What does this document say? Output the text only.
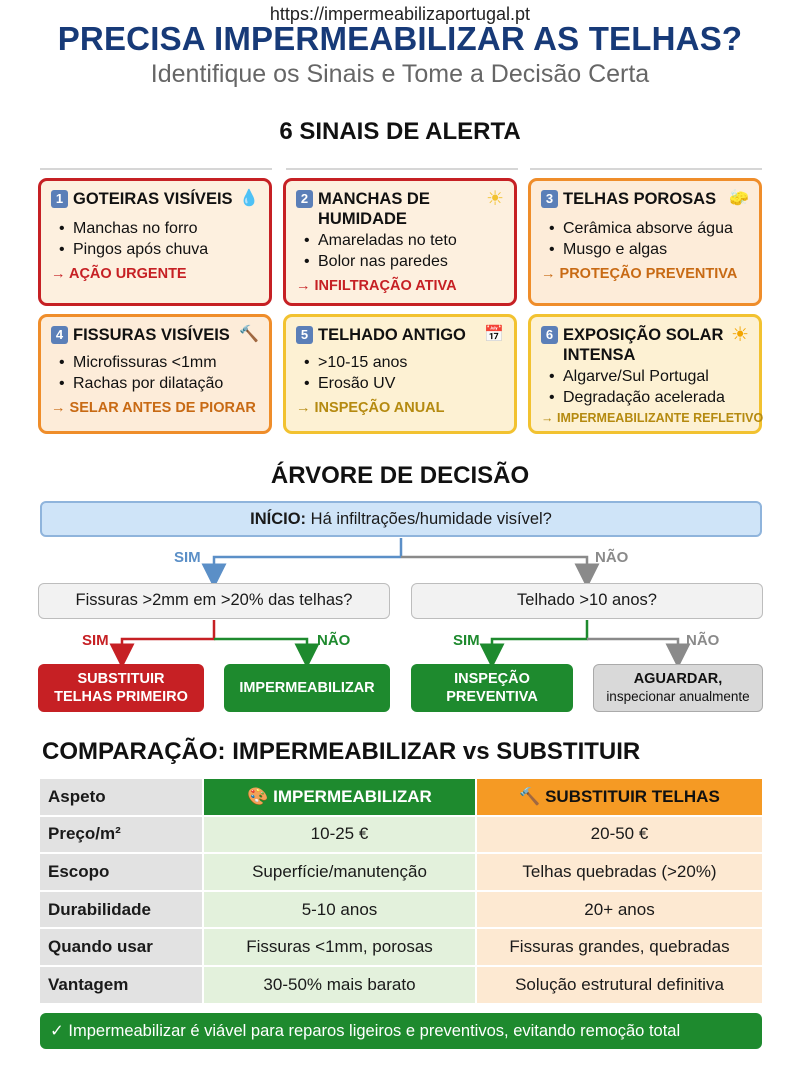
https://impermeabilizaportugal.pt
PRECISA IMPERMEABILIZAR AS TELHAS?
Identifique os Sinais e Tome a Decisão Certa
6 SINAIS DE ALERTA
1 GOTEIRAS VISÍVEIS 💧
• Manchas no forro
• Pingos após chuva
→ AÇÃO URGENTE
2 MANCHAS DE HUMIDADE
☀
• Amareladas no teto
• Bolor nas paredes
→ INFILTRAÇÃO ATIVA
3 TELHAS POROSAS 🧽
• Cerâmica absorve água
• Musgo e algas
→ PROTEÇÃO PREVENTIVA
4 FISSURAS VISÍVEIS 🔨
• Microfissuras <1mm
• Rachas por dilatação
→ SELAR ANTES DE PIORAR
5 TELHADO ANTIGO	📅
• >10-15 anos
• Erosão UV
→ INSPEÇÃO ANUAL
6 EXPOSIÇÃO SOLAR INTENSA
☀
• Algarve/Sul Portugal
• Degradação acelerada
→ IMPERMEABILIZANTE REFLETIVO
ÁRVORE DE DECISÃO
INÍCIO: Há infiltrações/humidade visível?
SIM	NÃO
Fissuras >2mm em >20% das telhas?	Telhado >10 anos?
SIM	NÃO	SIM	NÃO
SUBSTITUIR
TELHAS PRIMEIRO
IMPERMEABILIZAR
INSPEÇÃO
PREVENTIVA
AGUARDAR,
inspecionar anualmente
COMPARAÇÃO: IMPERMEABILIZAR vs SUBSTITUIR
Aspeto	🎨 IMPERMEABILIZAR	🔨 SUBSTITUIR TELHAS
Preço/m²	10-25 €	20-50 €
Escopo	Superfície/manutenção	Telhas quebradas (>20%)
Durabilidade	5-10 anos	20+ anos
Quando usar	Fissuras <1mm, porosas	Fissuras grandes, quebradas
Vantagem	30-50% mais barato	Solução estrutural definitiva
✓ Impermeabilizar é viável para reparos ligeiros e preventivos, evitando remoção total
